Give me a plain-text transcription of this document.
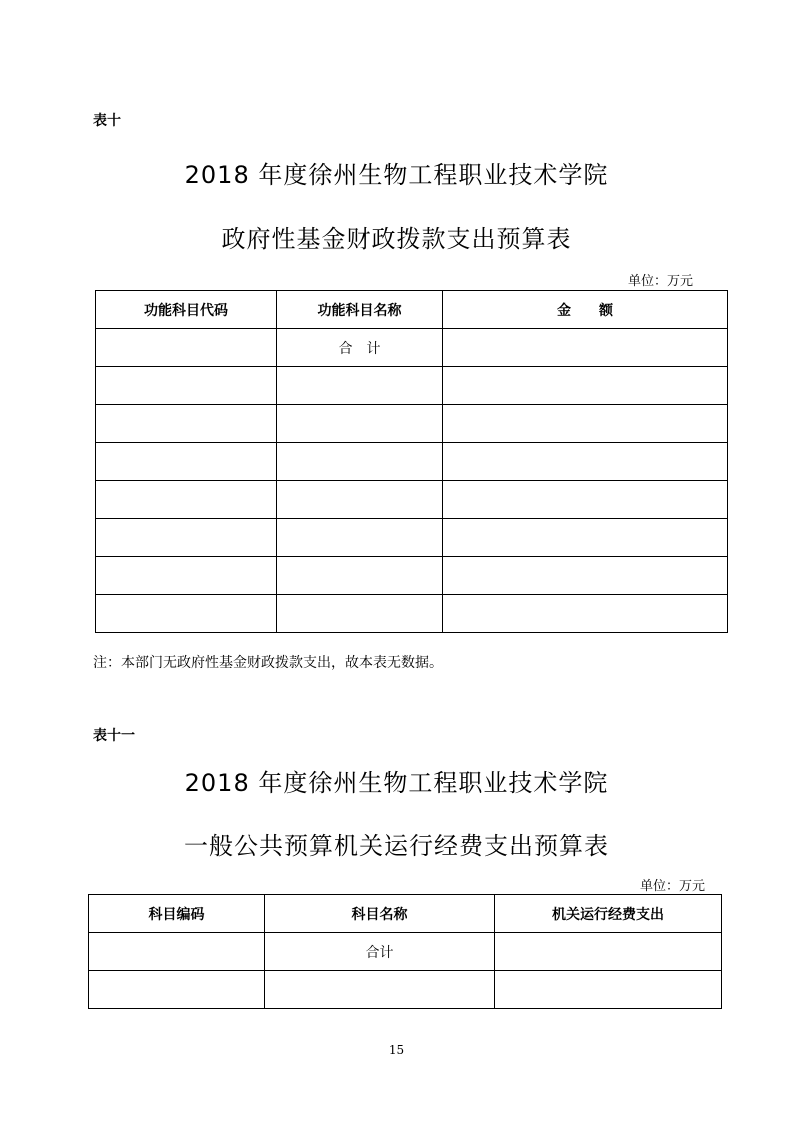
表十
2018 年度徐州生物工程职业技术学院
政府性基金财政拨款支出预算表
单位：万元
功能科目代码	功能科目名称	金　　额
	合　计	

注：本部门无政府性基金财政拨款支出，故本表无数据。
表十一
2018 年度徐州生物工程职业技术学院
一般公共预算机关运行经费支出预算表
单位：万元
科目编码	科目名称	机关运行经费支出
	合计	

15
